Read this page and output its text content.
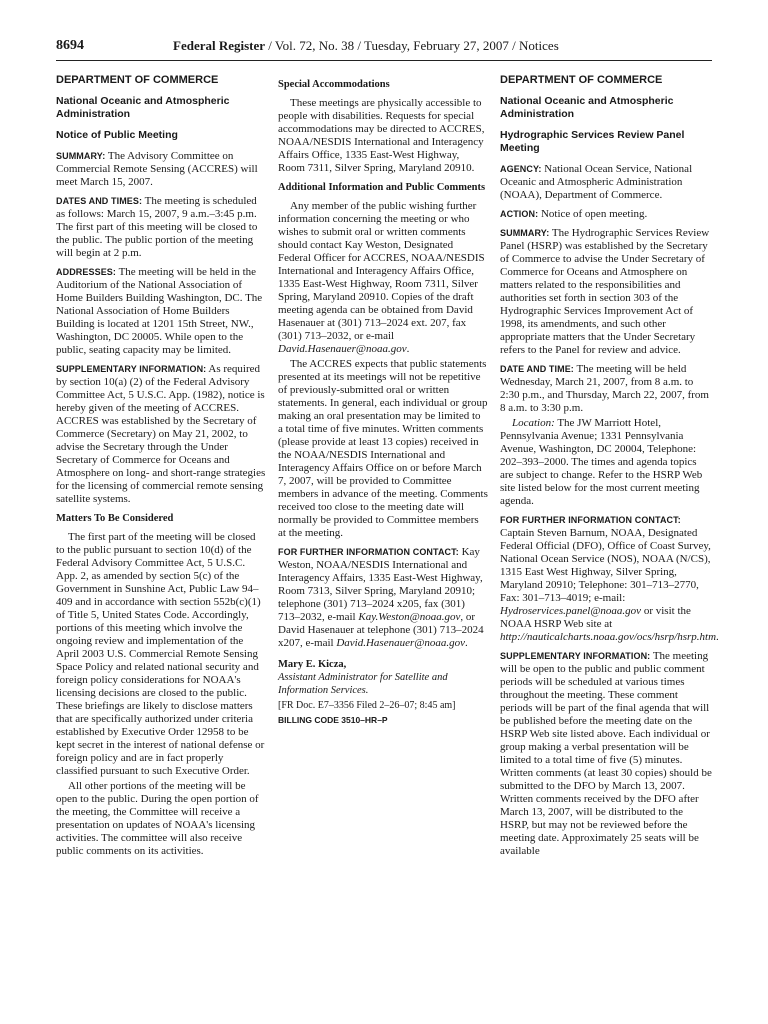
8694	Federal Register / Vol. 72, No. 38 / Tuesday, February 27, 2007 / Notices
DEPARTMENT OF COMMERCE
National Oceanic and Atmospheric Administration
Notice of Public Meeting

SUMMARY: The Advisory Committee on Commercial Remote Sensing (ACCRES) will meet March 15, 2007.

DATES AND TIMES: The meeting is scheduled as follows: March 15, 2007, 9 a.m.–3:45 p.m. The first part of this meeting will be closed to the public. The public portion of the meeting will begin at 2 p.m.

ADDRESSES: The meeting will be held in the Auditorium of the National Association of Home Builders Building Washington, DC. The National Association of Home Builders Building is located at 1201 15th Street, NW., Washington, DC 20005. While open to the public, seating capacity may be limited.

SUPPLEMENTARY INFORMATION: As required by section 10(a) (2) of the Federal Advisory Committee Act, 5 U.S.C. App. (1982), notice is hereby given of the meeting of ACCRES. ACCRES was established by the Secretary of Commerce (Secretary) on May 21, 2002, to advise the Secretary through the Under Secretary of Commerce for Oceans and Atmosphere on long- and short-range strategies for the licensing of commercial remote sensing satellite systems.

Matters To Be Considered

The first part of the meeting will be closed to the public pursuant to section 10(d) of the Federal Advisory Committee Act, 5 U.S.C. App. 2, as amended by section 5(c) of the Government in Sunshine Act, Public Law 94–409 and in accordance with section 552b(c)(1) of Title 5, United States Code. Accordingly, portions of this meeting which involve the ongoing review and implementation of the April 2003 U.S. Commercial Remote Sensing Space Policy and related national security and foreign policy considerations for NOAA's licensing decisions are closed to the public. These briefings are likely to disclose matters that are specifically authorized under criteria established by Executive Order 12958 to be kept secret in the interest of national defense or foreign policy and are in fact properly classified pursuant to such Executive Order.

All other portions of the meeting will be open to the public. During the open portion of the meeting, the Committee will receive a presentation on updates of NOAA's licensing activities. The committee will also receive public comments on its activities.

Special Accommodations

These meetings are physically accessible to people with disabilities. Requests for special accommodations may be directed to ACCRES, NOAA/NESDIS International and Interagency Affairs Office, 1335 East-West Highway, Room 7311, Silver Spring, Maryland 20910.

Additional Information and Public Comments

Any member of the public wishing further information concerning the meeting or who wishes to submit oral or written comments should contact Kay Weston, Designated Federal Officer for ACCRES, NOAA/NESDIS International and Interagency Affairs Office, 1335 East-West Highway, Room 7311, Silver Spring, Maryland 20910. Copies of the draft meeting agenda can be obtained from David Hasenauer at (301) 713–2024 ext. 207, fax (301) 713–2032, or e-mail David.Hasenauer@noaa.gov.

The ACCRES expects that public statements presented at its meetings will not be repetitive of previously-submitted oral or written statements. In general, each individual or group making an oral presentation may be limited to a total time of five minutes. Written comments (please provide at least 13 copies) received in the NOAA/NESDIS International and Interagency Affairs Office on or before March 7, 2007, will be provided to Committee members in advance of the meeting. Comments received too close to the meeting date will normally be provided to Committee members at the meeting.

FOR FURTHER INFORMATION CONTACT: Kay Weston, NOAA/NESDIS International and Interagency Affairs, 1335 East-West Highway, Room 7313, Silver Spring, Maryland 20910; telephone (301) 713–2024 x205, fax (301) 713–2032, e-mail Kay.Weston@noaa.gov, or David Hasenauer at telephone (301) 713–2024 x207, e-mail David.Hasenauer@noaa.gov.

Mary E. Kicza,
Assistant Administrator for Satellite and Information Services.
[FR Doc. E7–3356 Filed 2–26–07; 8:45 am]
BILLING CODE 3510–HR–P
DEPARTMENT OF COMMERCE
National Oceanic and Atmospheric Administration
Hydrographic Services Review Panel Meeting

AGENCY: National Ocean Service, National Oceanic and Atmospheric Administration (NOAA), Department of Commerce.

ACTION: Notice of open meeting.

SUMMARY: The Hydrographic Services Review Panel (HSRP) was established by the Secretary of Commerce to advise the Under Secretary of Commerce for Oceans and Atmosphere on matters related to the responsibilities and authorities set forth in section 303 of the Hydrographic Services Improvement Act of 1998, its amendments, and such other appropriate matters that the Under Secretary refers to the Panel for review and advice.

DATE AND TIME: The meeting will be held Wednesday, March 21, 2007, from 8 a.m. to 2:30 p.m., and Thursday, March 22, 2007, from 8 a.m. to 3:30 p.m.

Location: The JW Marriott Hotel, Pennsylvania Avenue; 1331 Pennsylvania Avenue, Washington, DC 20004, Telephone: 202–393–2000. The times and agenda topics are subject to change. Refer to the HSRP Web site listed below for the most current meeting agenda.

FOR FURTHER INFORMATION CONTACT: Captain Steven Barnum, NOAA, Designated Federal Official (DFO), Office of Coast Survey, National Ocean Service (NOS), NOAA (N/CS), 1315 East West Highway, Silver Spring, Maryland 20910; Telephone: 301–713–2770, Fax: 301–713–4019; e-mail: Hydroservices.panel@noaa.gov or visit the NOAA HSRP Web site at http://nauticalcharts.noaa.gov/ocs/hsrp/hsrp.htm.

SUPPLEMENTARY INFORMATION: The meeting will be open to the public and public comment periods will be scheduled at various times throughout the meeting. These comment periods will be part of the final agenda that will be published before the meeting date on the HSRP Web site listed above. Each individual or group making a verbal presentation will be limited to a total time of five (5) minutes. Written comments (at least 30 copies) should be submitted to the DFO by March 13, 2007. Written comments received by the DFO after March 13, 2007, will be distributed to the HSRP, but may not be reviewed before the meeting date. Approximately 25 seats will be available
